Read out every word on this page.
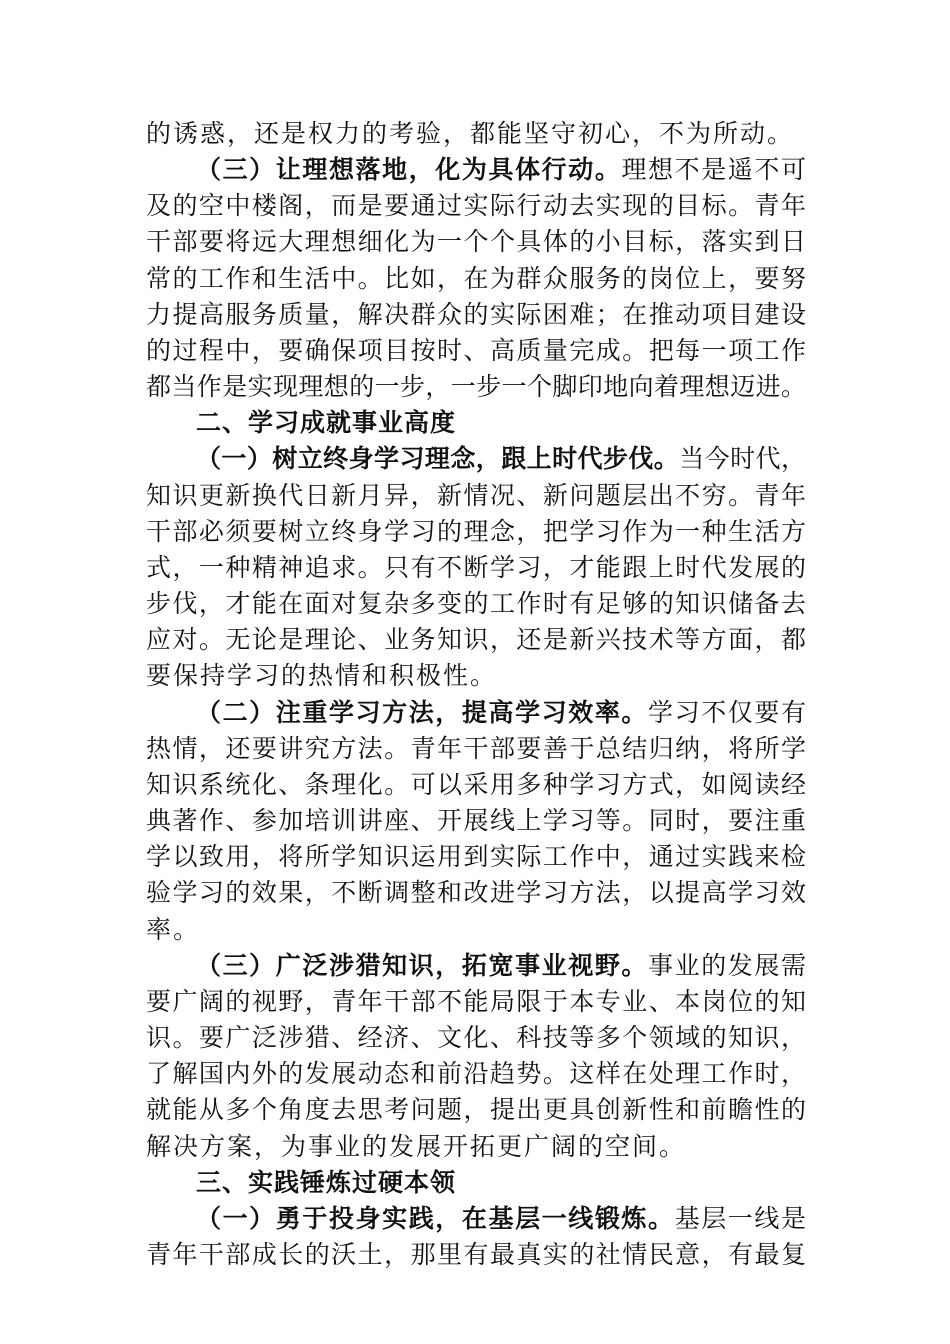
的诱惑，还是权力的考验，都能坚守初心，不为所动。
（三）让理想落地，化为具体行动。理想不是遥不可
及的空中楼阁，而是要通过实际行动去实现的目标。青年
干部要将远大理想细化为一个个具体的小目标，落实到日
常的工作和生活中。比如，在为群众服务的岗位上，要努
力提高服务质量，解决群众的实际困难；在推动项目建设
的过程中，要确保项目按时、高质量完成。把每一项工作
都当作是实现理想的一步，一步一个脚印地向着理想迈进。
二、学习成就事业高度
（一）树立终身学习理念，跟上时代步伐。当今时代，
知识更新换代日新月异，新情况、新问题层出不穷。青年
干部必须要树立终身学习的理念，把学习作为一种生活方
式，一种精神追求。只有不断学习，才能跟上时代发展的
步伐，才能在面对复杂多变的工作时有足够的知识储备去
应对。无论是理论、业务知识，还是新兴技术等方面，都
要保持学习的热情和积极性。
（二）注重学习方法，提高学习效率。学习不仅要有
热情，还要讲究方法。青年干部要善于总结归纳，将所学
知识系统化、条理化。可以采用多种学习方式，如阅读经
典著作、参加培训讲座、开展线上学习等。同时，要注重
学以致用，将所学知识运用到实际工作中，通过实践来检
验学习的效果，不断调整和改进学习方法，以提高学习效
率。
（三）广泛涉猎知识，拓宽事业视野。事业的发展需
要广阔的视野，青年干部不能局限于本专业、本岗位的知
识。要广泛涉猎、经济、文化、科技等多个领域的知识，
了解国内外的发展动态和前沿趋势。这样在处理工作时，
就能从多个角度去思考问题，提出更具创新性和前瞻性的
解决方案，为事业的发展开拓更广阔的空间。
三、实践锤炼过硬本领
（一）勇于投身实践，在基层一线锻炼。基层一线是
青年干部成长的沃土，那里有最真实的社情民意，有最复
